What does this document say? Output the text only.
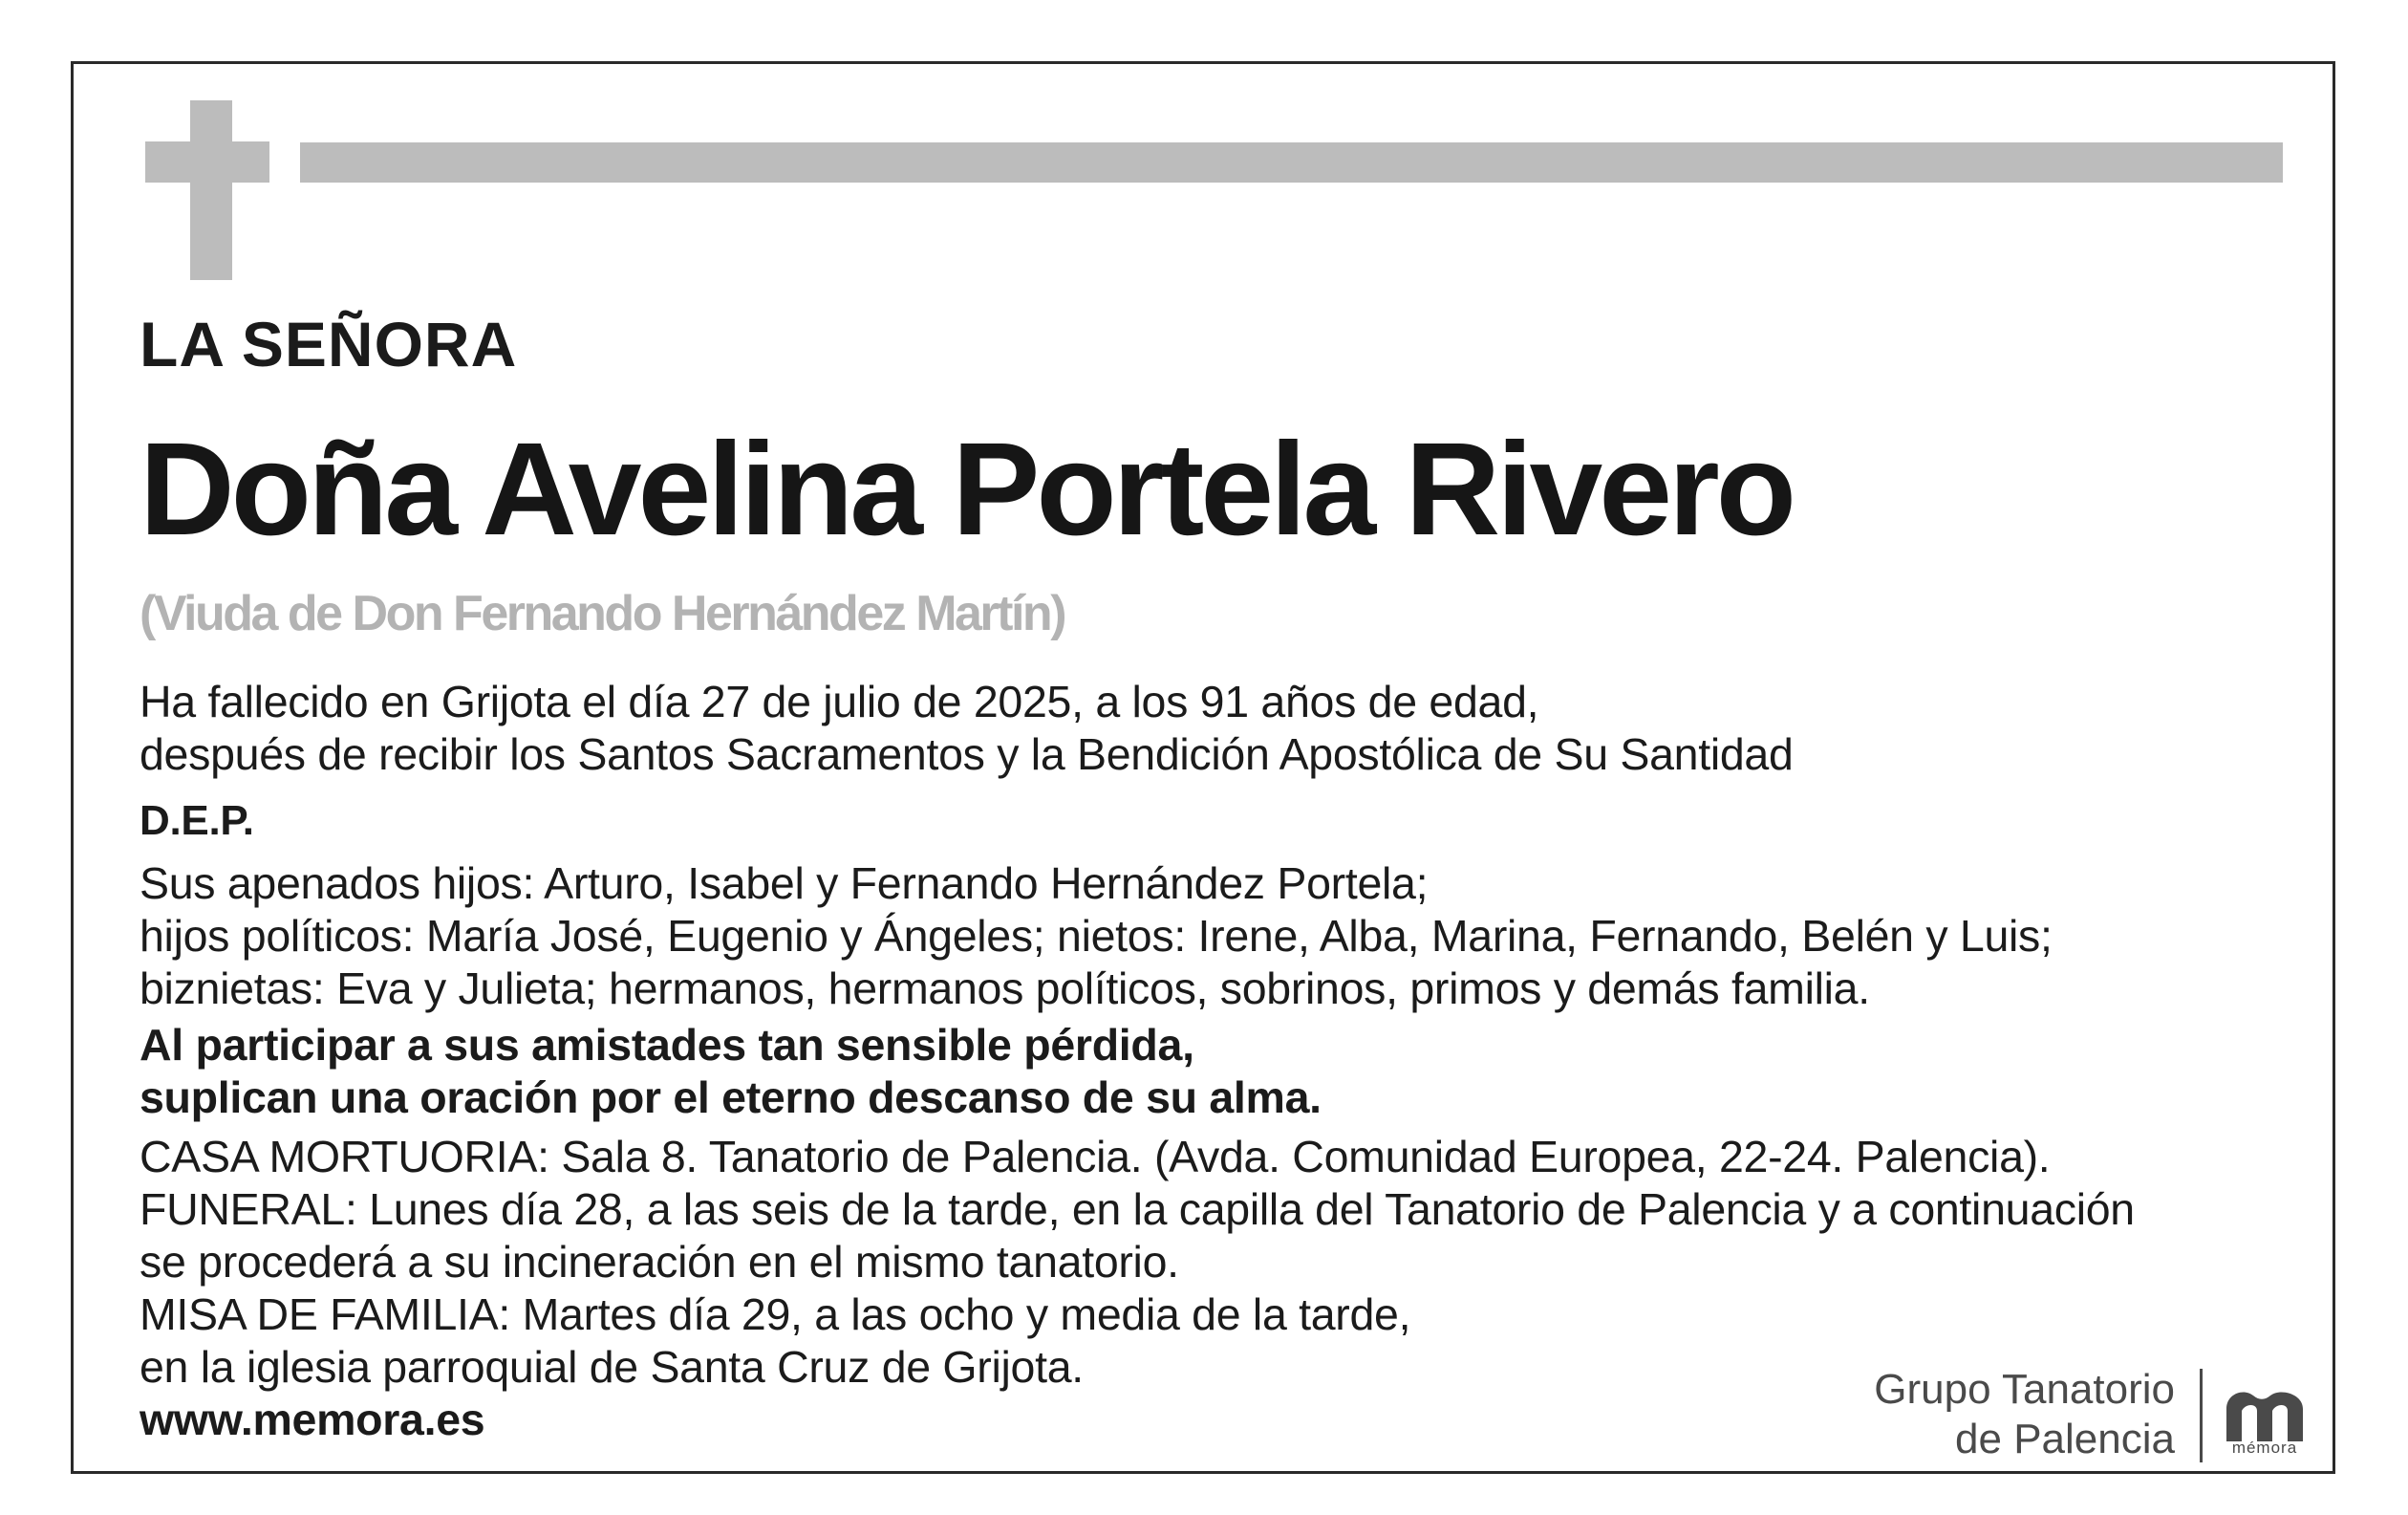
LA SEÑORA

Doña Avelina Portela Rivero

(Viuda de Don Fernando Hernández Martín)

Ha fallecido en Grijota el día 27 de julio de 2025, a los 91 años de edad,

después de recibir los Santos Sacramentos y la Bendición Apostólica de Su Santidad

D.E.P.

Sus apenados hijos: Arturo, Isabel y Fernando Hernández Portela;

hijos políticos: María José, Eugenio y Ángeles; nietos: Irene, Alba, Marina, Fernando, Belén y Luis;

biznietas: Eva y Julieta; hermanos, hermanos políticos, sobrinos, primos y demás familia.

Al participar a sus amistades tan sensible pérdida,

suplican una oración por el eterno descanso de su alma.

CASA MORTUORIA: Sala 8. Tanatorio de Palencia. (Avda. Comunidad Europea, 22-24. Palencia).

FUNERAL: Lunes día 28, a las seis de la tarde, en la capilla del Tanatorio de Palencia y a continuación

se procederá a su incineración en el mismo tanatorio.

MISA DE FAMILIA: Martes día 29, a las ocho y media de la tarde,

en la iglesia parroquial de Santa Cruz de Grijota.

www.memora.es

Grupo Tanatorio
de Palencia	mémora
